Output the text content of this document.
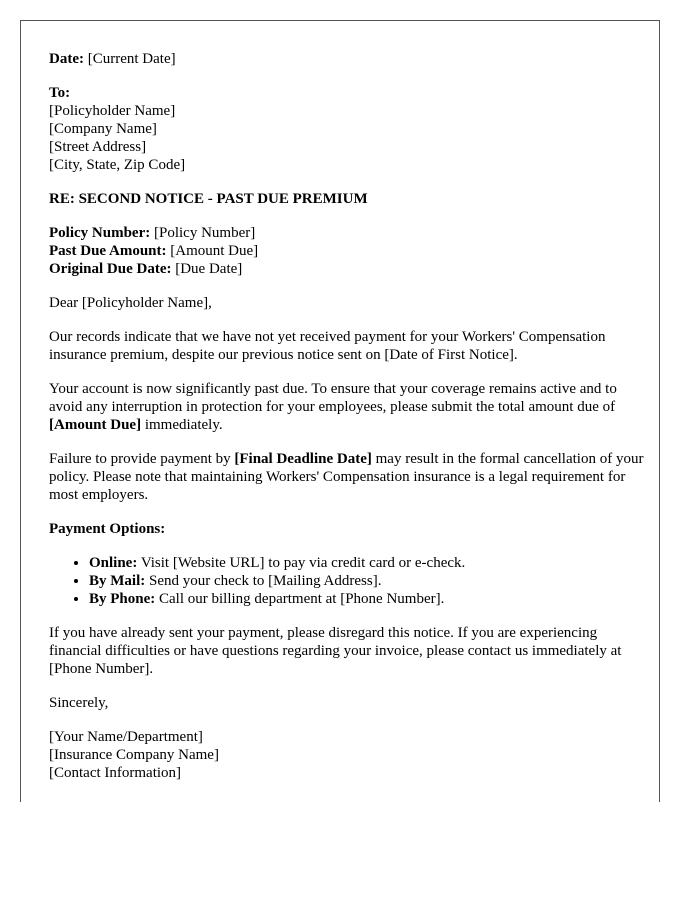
Date: [Current Date]

To:
[Policyholder Name]
[Company Name]
[Street Address]
[City, State, Zip Code]

RE: SECOND NOTICE - PAST DUE PREMIUM

Policy Number: [Policy Number]
Past Due Amount: [Amount Due]
Original Due Date: [Due Date]

Dear [Policyholder Name],

Our records indicate that we have not yet received payment for your Workers' Compensation insurance premium, despite our previous notice sent on [Date of First Notice].

Your account is now significantly past due. To ensure that your coverage remains active and to avoid any interruption in protection for your employees, please submit the total amount due of [Amount Due] immediately.

Failure to provide payment by [Final Deadline Date] may result in the formal cancellation of your policy. Please note that maintaining Workers' Compensation insurance is a legal requirement for most employers.

Payment Options:

• Online: Visit [Website URL] to pay via credit card or e-check.
• By Mail: Send your check to [Mailing Address].
• By Phone: Call our billing department at [Phone Number].

If you have already sent your payment, please disregard this notice. If you are experiencing financial difficulties or have questions regarding your invoice, please contact us immediately at [Phone Number].

Sincerely,

[Your Name/Department]
[Insurance Company Name]
[Contact Information]
